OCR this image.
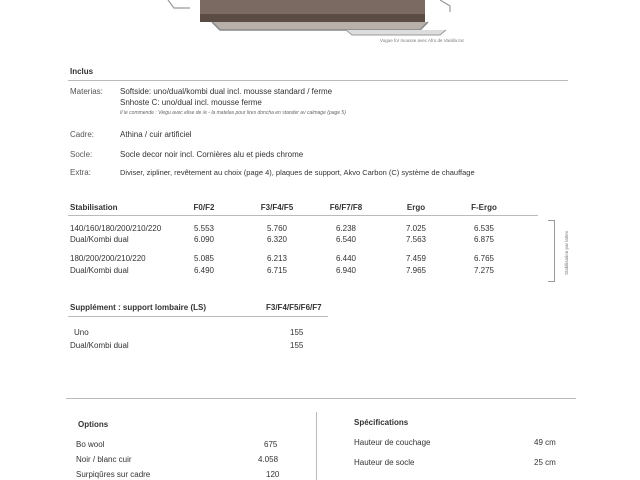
Vogue for mousse avec Afro de Vanilla Inc
Inclus
Materias: Softside: uno/dual/kombi dual incl. mousse standard / ferme
Snhoste C: uno/dual incl. mousse ferme
Il le commende : Viegu avec elise de /e - la matelas pour lires doncha en stander av calmage (page 5)
Cadre:	Athina / cuir artificiel
Socle:	Socle decor noir incl. Cornières alu et pieds chrome
Extra:	Diviser, zipliner, revêtement au choix (page 4), plaques de support, Akvo Carbon (C) système de chauffage
Stabilisation	F0/F2	F3/F4/F5	F6/F7/F8	Ergo	F-Ergo
140/160/180/200/210/220	5.553	5.760	6.238	7.025	6.535
Dual/Kombi dual	6.090	6.320	6.540	7.563	6.875
180/200/200/210/220	5.085	6.213	6.440	7.459	6.765
Dual/Kombi dual	6.490	6.715	6.940	7.965	7.275	Stabilisation par lattes
Supplément : support lombaire (LS)	F3/F4/F5/F6/F7
Uno	155
Dual/Kombi dual	155
Options
Bo wool	675
Noir / blanc cuir	4.058
Surpiqûres sur cadre	120
Spécifications
Hauteur de couchage	49 cm
Hauteur de socle	25 cm
